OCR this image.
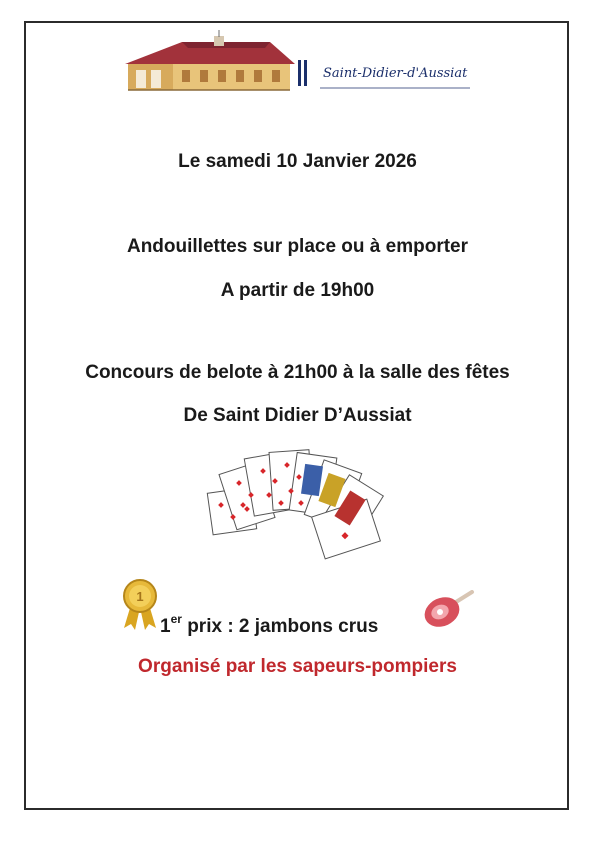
Saint-Didier-d'Aussiat
Le samedi 10 Janvier 2026
Andouillettes sur place ou à emporter
A partir de 19h00
Concours de belote à 21h00 à la salle des fêtes
De Saint Didier D’Aussiat
1
1er prix : 2 jambons crus
Organisé par les sapeurs-pompiers
